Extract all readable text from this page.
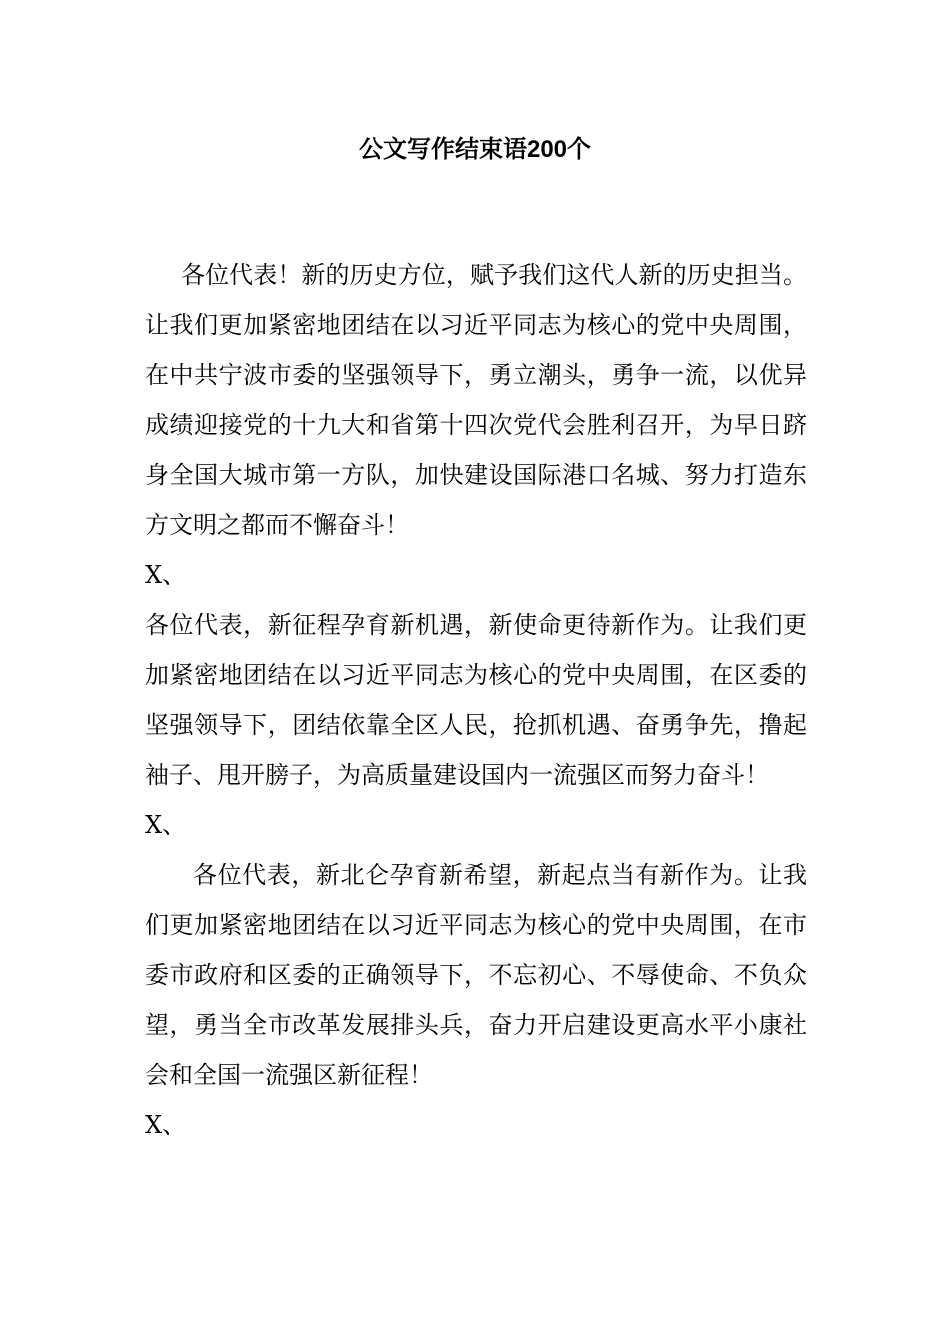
公文写作结束语200个

各位代表！新的历史方位，赋予我们这代人新的历史担当。让我们更加紧密地团结在以习近平同志为核心的党中央周围，在中共宁波市委的坚强领导下，勇立潮头，勇争一流，以优异成绩迎接党的十九大和省第十四次党代会胜利召开，为早日跻身全国大城市第一方队，加快建设国际港口名城、努力打造东方文明之都而不懈奋斗！

X、

各位代表，新征程孕育新机遇，新使命更待新作为。让我们更加紧密地团结在以习近平同志为核心的党中央周围，在区委的坚强领导下，团结依靠全区人民，抢抓机遇、奋勇争先，撸起袖子、甩开膀子，为高质量建设国内一流强区而努力奋斗！

X、

各位代表，新北仑孕育新希望，新起点当有新作为。让我们更加紧密地团结在以习近平同志为核心的党中央周围，在市委市政府和区委的正确领导下，不忘初心、不辱使命、不负众望，勇当全市改革发展排头兵，奋力开启建设更高水平小康社会和全国一流强区新征程！

X、
